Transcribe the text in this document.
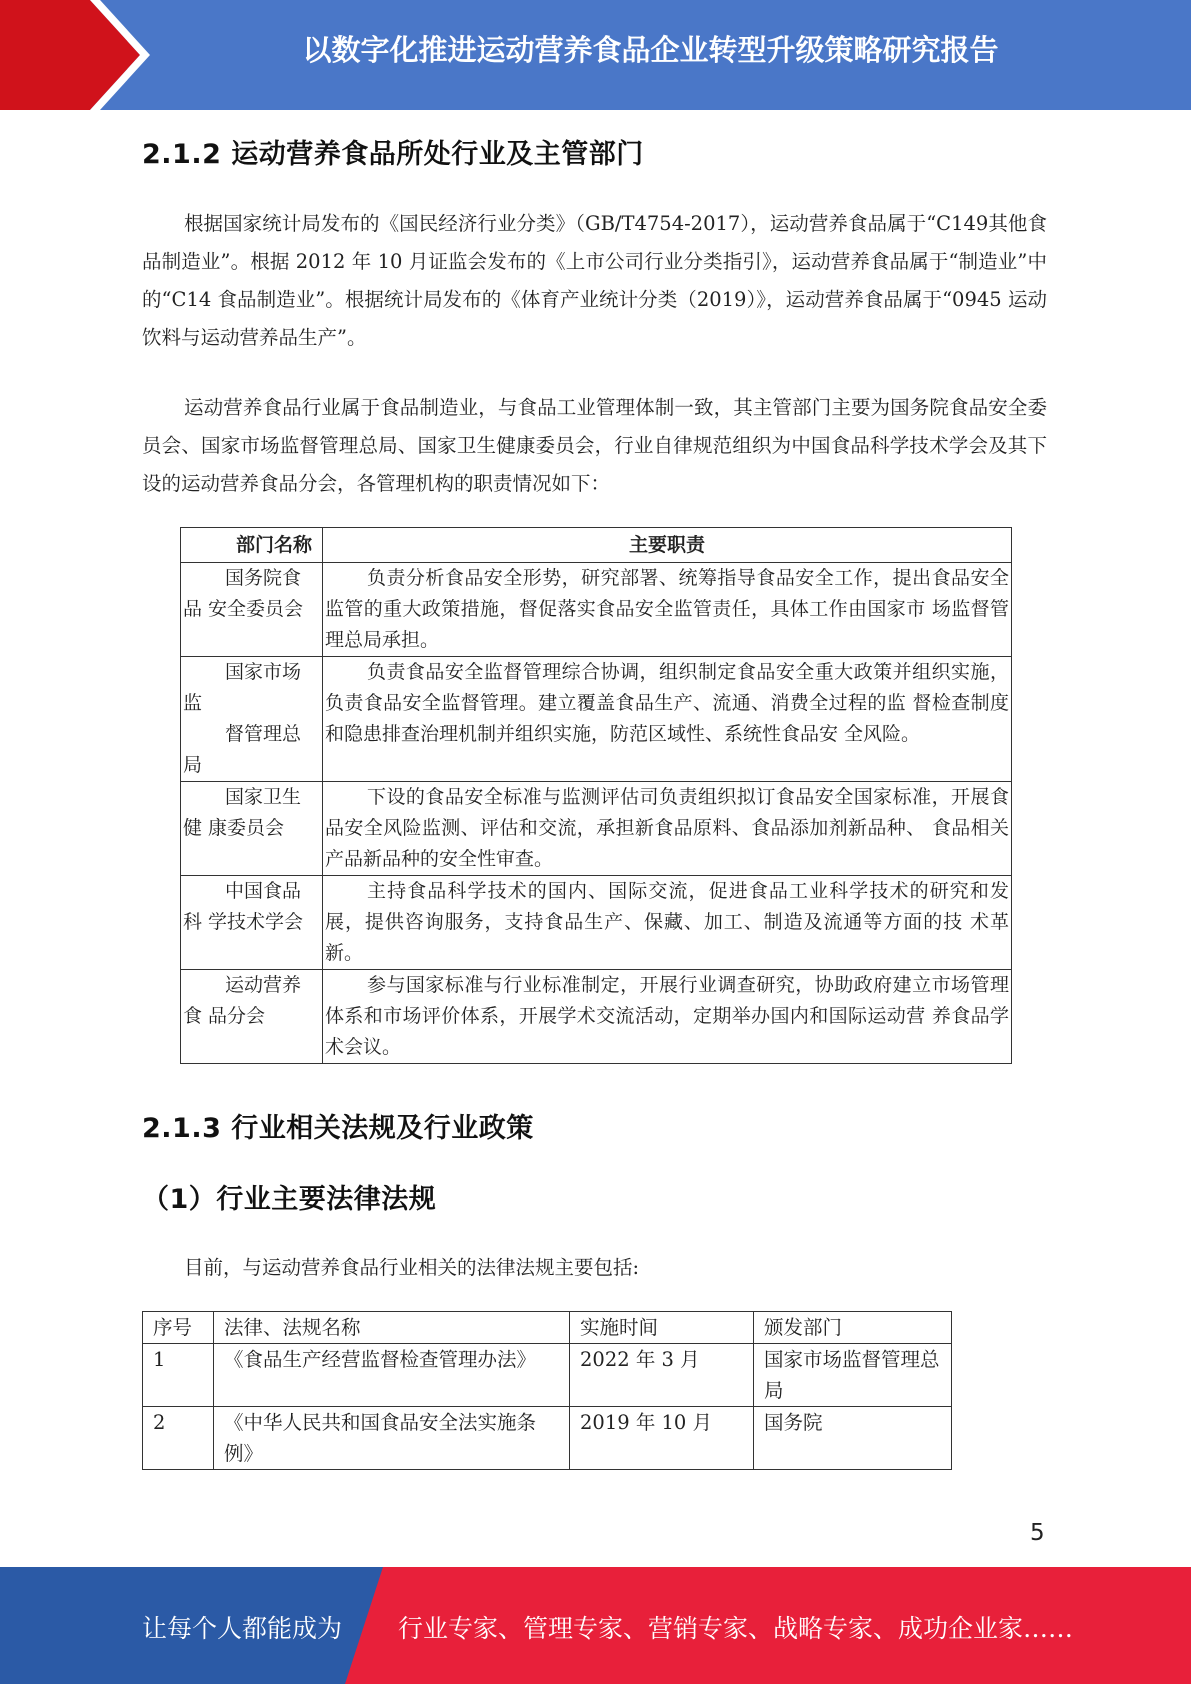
以数字化推进运动营养食品企业转型升级策略研究报告
2.1.2 运动营养食品所处行业及主管部门

根据国家统计局发布的《国民经济行业分类》（GB/T4754-2017），运动营养食品属于“C149其他食品制造业”。根据 2012 年 10 月证监会发布的《上市公司行业分类指引》，运动营养食品属于“制造业”中的“C14 食品制造业”。根据统计局发布的《体育产业统计分类（2019）》，运动营养食品属于“0945 运动饮料与运动营养品生产”。

运动营养食品行业属于食品制造业，与食品工业管理体制一致，其主管部门主要为国务院食品安全委员会、国家市场监督管理总局、国家卫生健康委员会，行业自律规范组织为中国食品科学技术学会及其下设的运动营养食品分会，各管理机构的职责情况如下：

部门名称	主要职责

国务院食
品 安全委员会	负责分析食品安全形势，研究部署、统筹指导食品安全工作，提出食品安全监管的重大政策措施，督促落实食品安全监管责任，具体工作由国家市 场监督管理总局承担。

国家市场
监
督管理总
局	负责食品安全监督管理综合协调，组织制定食品安全重大政策并组织实施，负责食品安全监督管理。建立覆盖食品生产、流通、消费全过程的监 督检查制度和隐患排查治理机制并组织实施，防范区域性、系统性食品安 全风险。

国家卫生
健 康委员会	下设的食品安全标准与监测评估司负责组织拟订食品安全国家标准，开展食品安全风险监测、评估和交流，承担新食品原料、食品添加剂新品种、 食品相关产品新品种的安全性审查。

中国食品
科 学技术学会	主持食品科学技术的国内、国际交流，促进食品工业科学技术的研究和发展，提供咨询服务，支持食品生产、保藏、加工、制造及流通等方面的技 术革新。

运动营养
食 品分会	参与国家标准与行业标准制定，开展行业调查研究，协助政府建立市场管理体系和市场评价体系，开展学术交流活动，定期举办国内和国际运动营 养食品学术会议。
2.1.3 行业相关法规及行业政策
（1）行业主要法律法规

目前，与运动营养食品行业相关的法律法规主要包括:

序号	法律、法规名称	实施时间	颁发部门
1	《食品生产经营监督检查管理办法》	2022 年 3 月	国家市场监督管理总局
2	《中华人民共和国食品安全法实施条例》	2019 年 10 月	国务院
5
让每个人都能成为 行业专家、管理专家、营销专家、战略专家、成功企业家……
